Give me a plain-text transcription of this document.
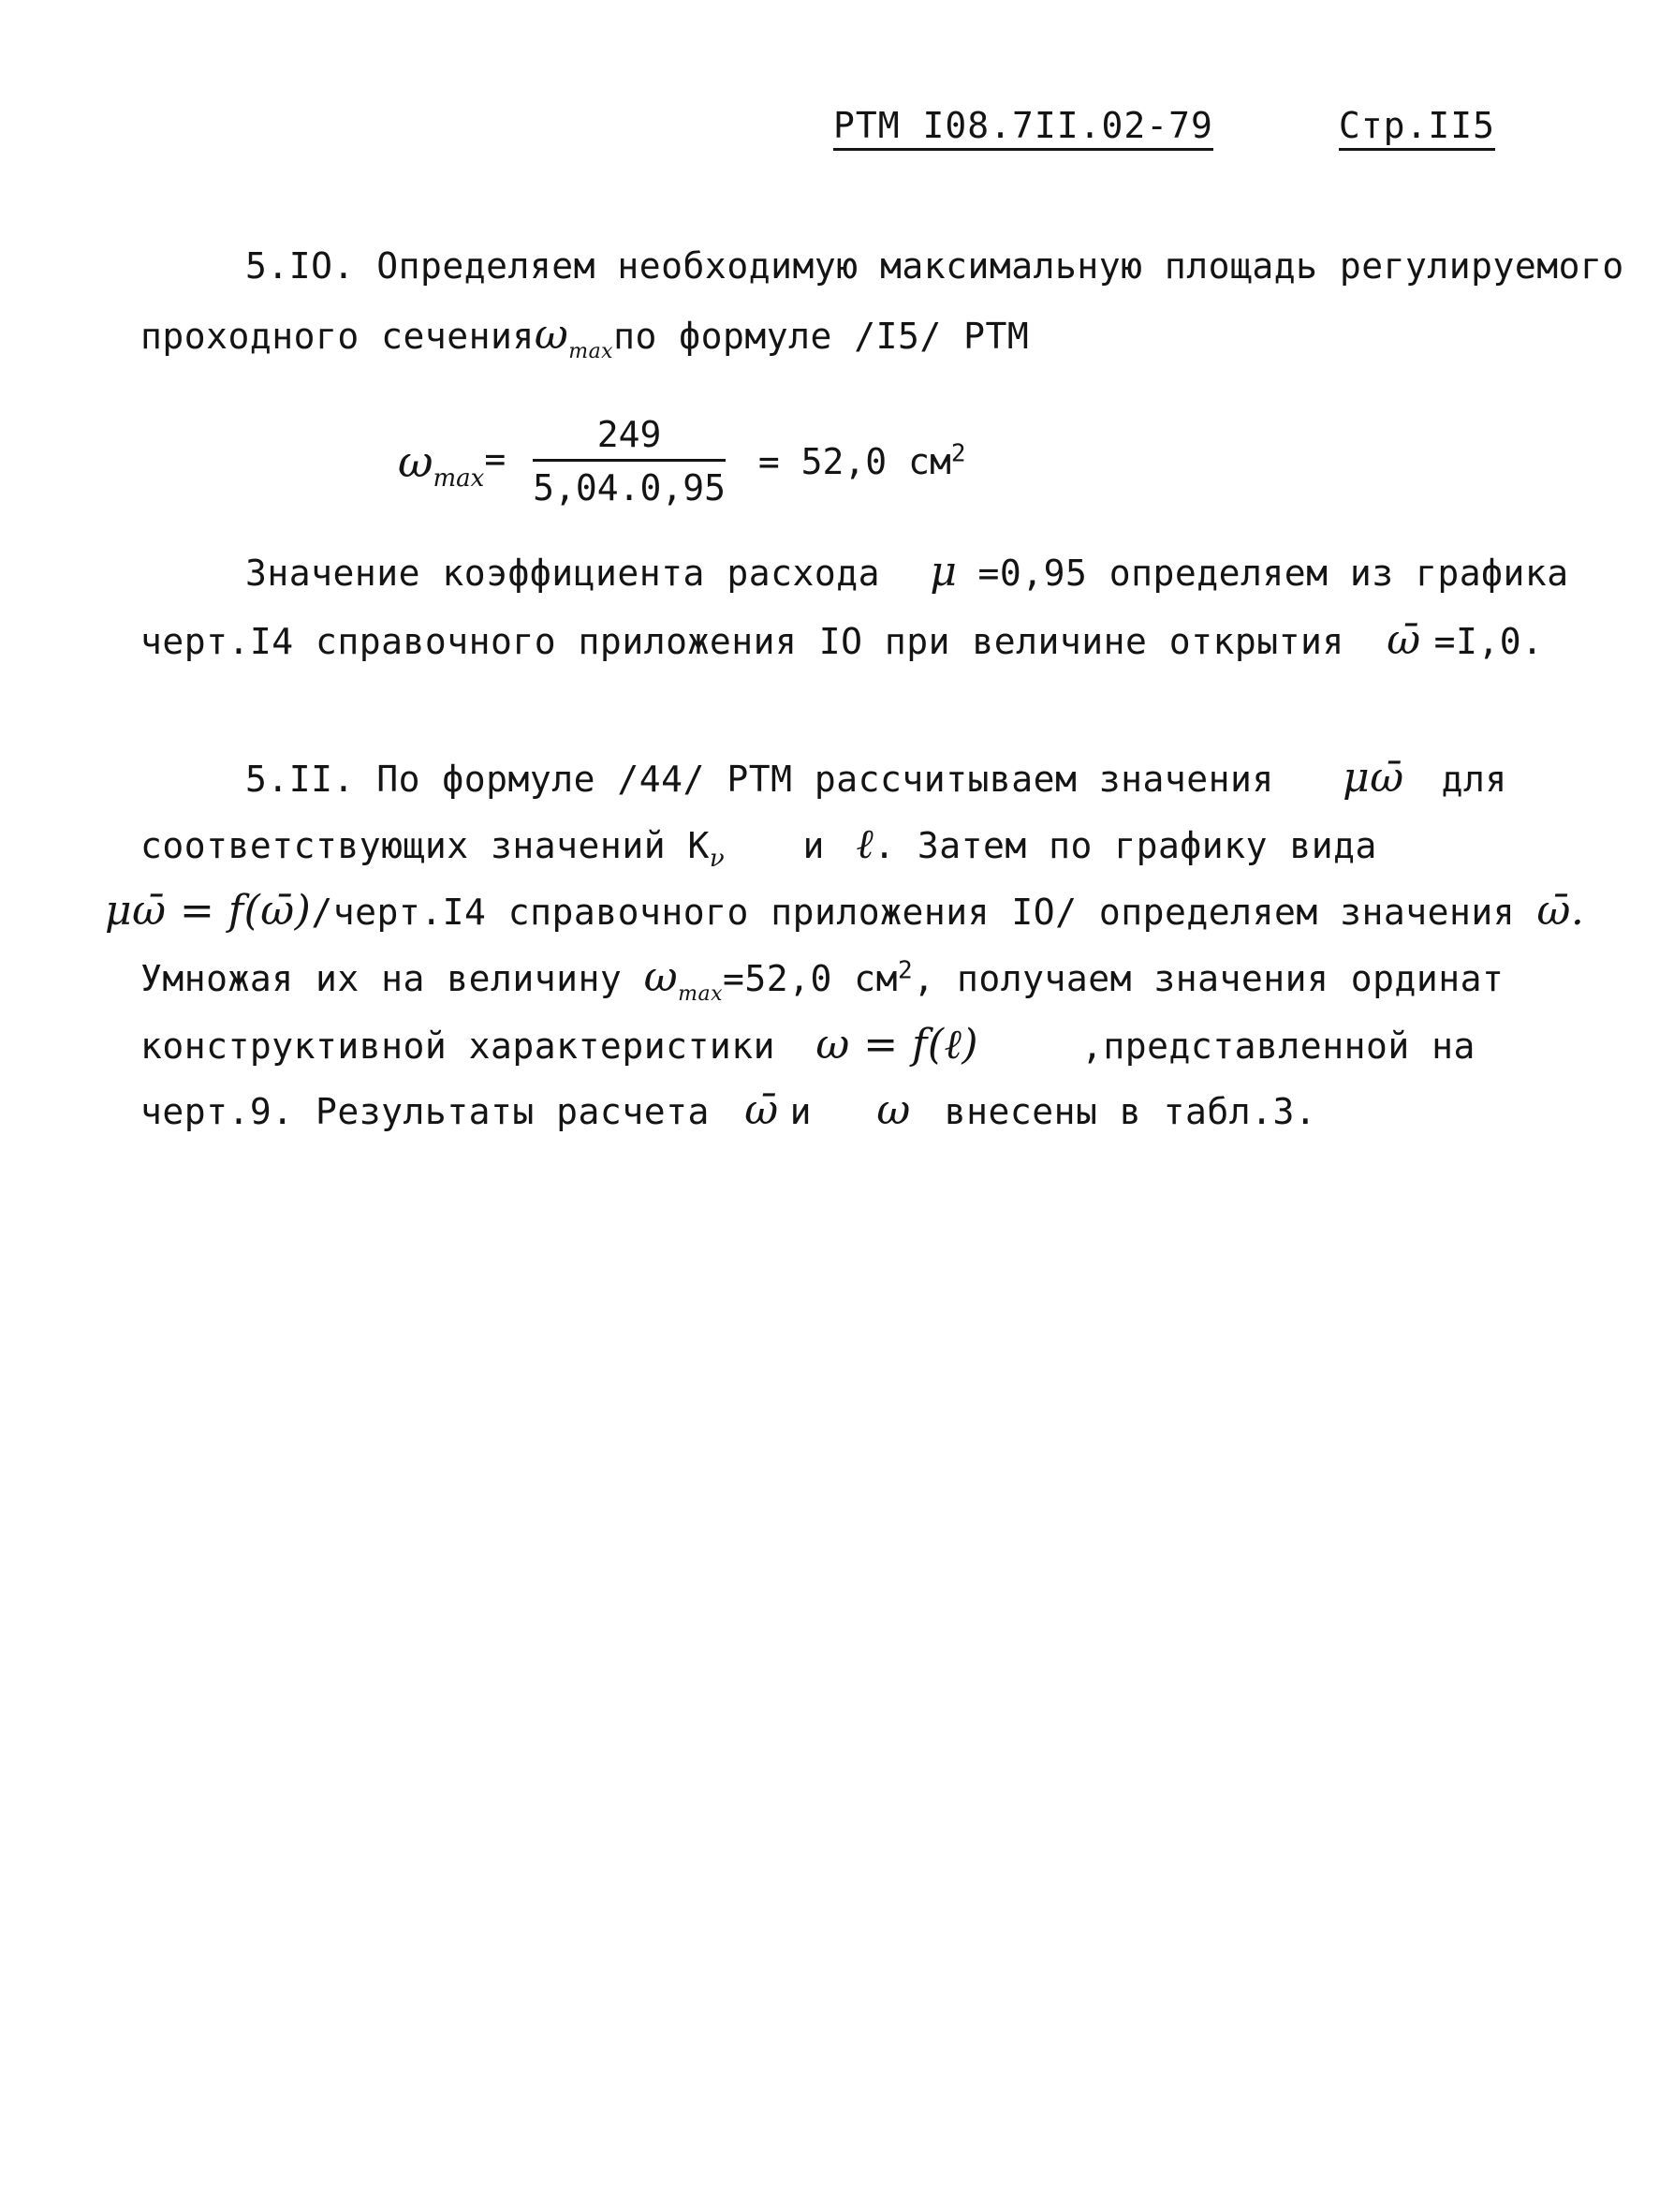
РТМ I08.7II.02-79	Стр.II5
5.IO. Определяем необходимую максимальную площадь регулируемого
проходного сеченияω$_{max}$по формуле /I5/ РТМ
$\omega_{max}= \frac{249}{5,04.0,95} = 52,0$ $см^2$
Значение коэффициента расхода μ =0,95 определяем из графика
черт.I4 справочного приложения IO при величине открытия ω̄ =I,0.
5.II. По формуле /44/ РТМ рассчитываем значения μω̄ для
соответствующих значений $К_\nu$ и ℓ. Затем по графику вида
μω̄ = f(ω̄)/черт.I4 справочного приложения IO/ определяем значения ω̄.
Умножая их на величину $\omega_{max}=52,0$ $см^2$, получаем значения ординат
конструктивной характеристики ω = f(ℓ)	,представленной на
черт.9. Результаты расчета ω̄ и ω внесены в табл.3.
